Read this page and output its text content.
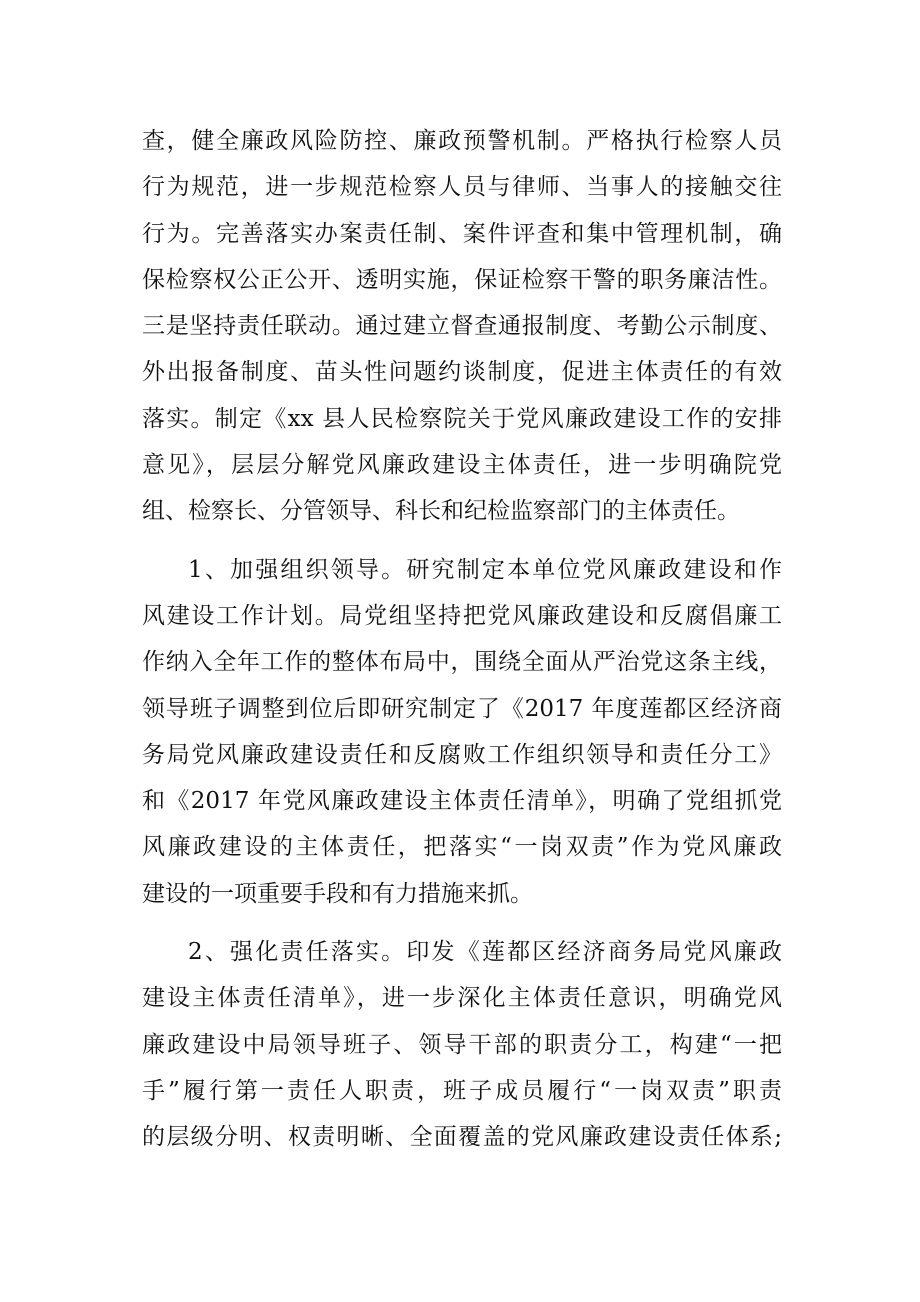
查，健全廉政风险防控、廉政预警机制。严格执行检察人员
行为规范，进一步规范检察人员与律师、当事人的接触交往
行为。完善落实办案责任制、案件评查和集中管理机制，确
保检察权公正公开、透明实施，保证检察干警的职务廉洁性。
三是坚持责任联动。通过建立督查通报制度、考勤公示制度、
外出报备制度、苗头性问题约谈制度，促进主体责任的有效
落实。制定《xx 县人民检察院关于党风廉政建设工作的安排
意见》，层层分解党风廉政建设主体责任，进一步明确院党
组、检察长、分管领导、科长和纪检监察部门的主体责任。
1、加强组织领导。研究制定本单位党风廉政建设和作
风建设工作计划。局党组坚持把党风廉政建设和反腐倡廉工
作纳入全年工作的整体布局中，围绕全面从严治党这条主线，
领导班子调整到位后即研究制定了《2017 年度莲都区经济商
务局党风廉政建设责任和反腐败工作组织领导和责任分工》
和《2017 年党风廉政建设主体责任清单》，明确了党组抓党
风廉政建设的主体责任，把落实“一岗双责”作为党风廉政
建设的一项重要手段和有力措施来抓。
2、强化责任落实。印发《莲都区经济商务局党风廉政
建设主体责任清单》，进一步深化主体责任意识，明确党风
廉政建设中局领导班子、领导干部的职责分工，构建“一把
手”履行第一责任人职责，班子成员履行“一岗双责”职责
的层级分明、权责明晰、全面覆盖的党风廉政建设责任体系;
